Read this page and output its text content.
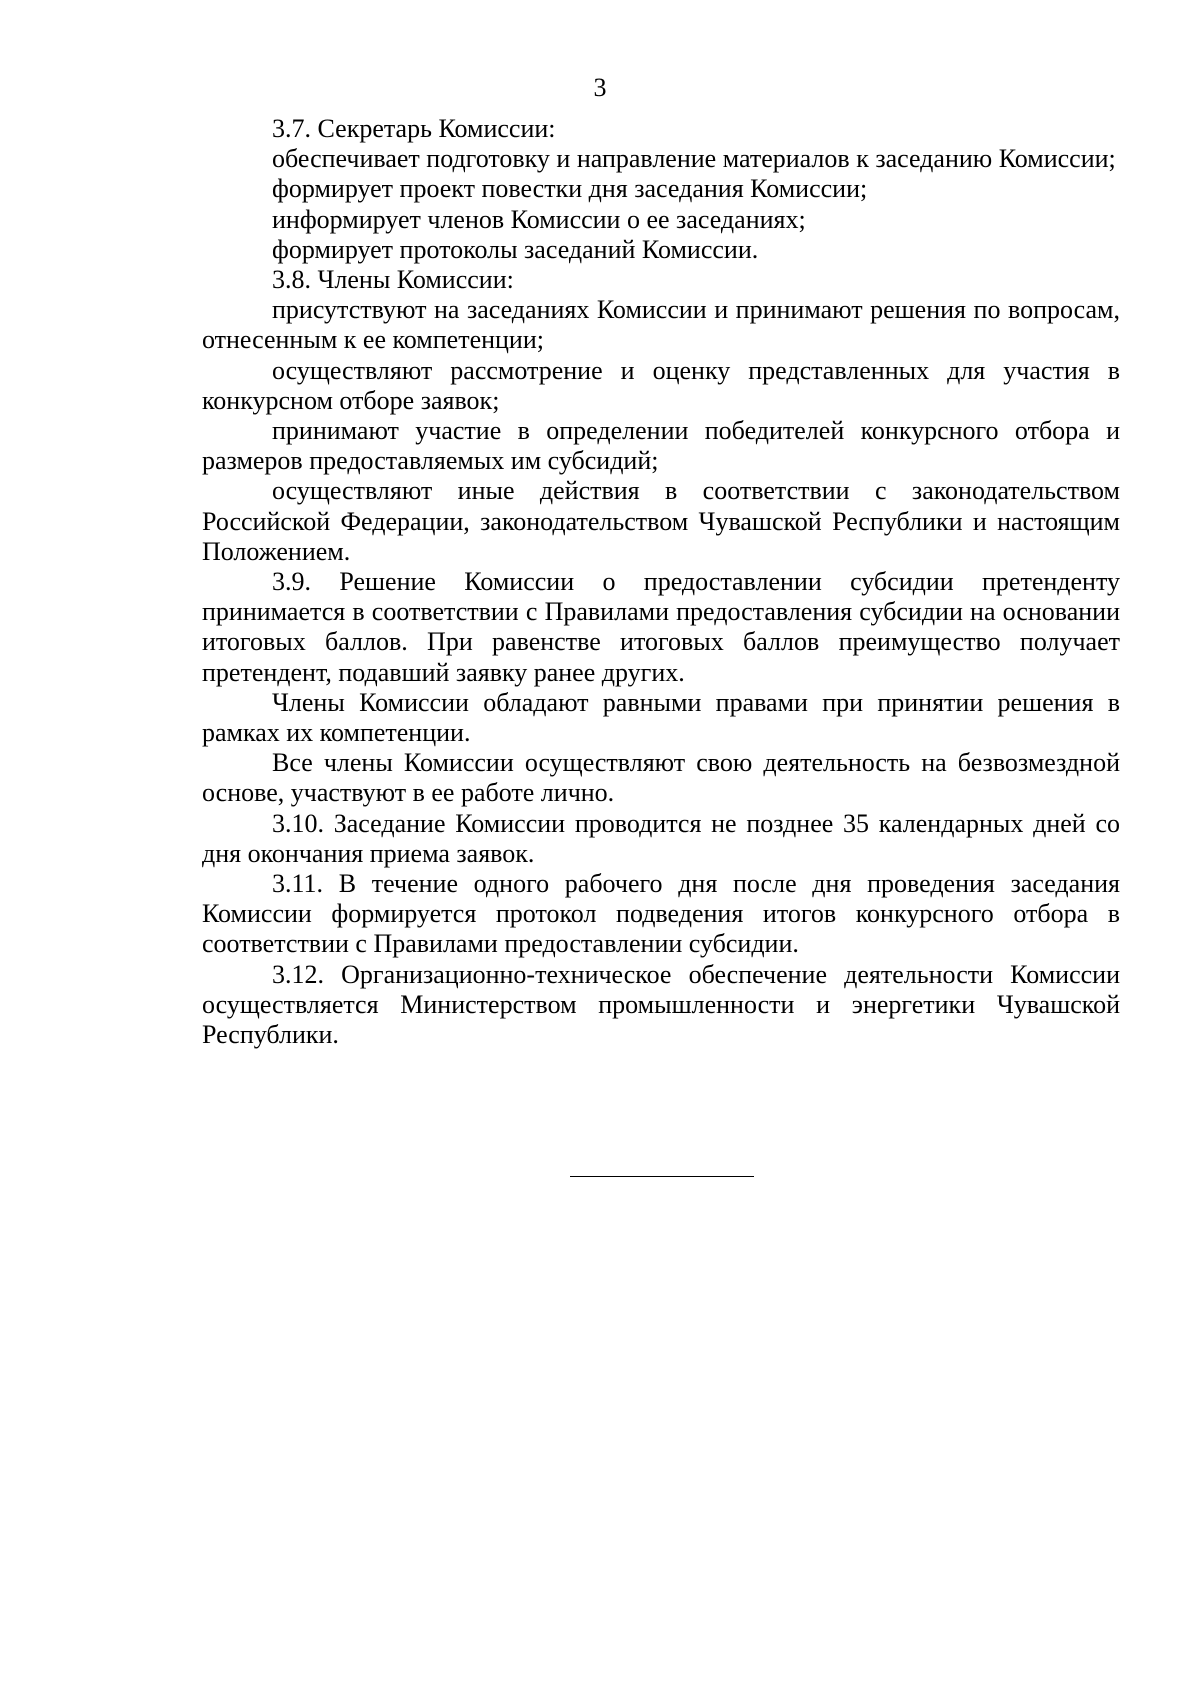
3

3.7. Секретарь Комиссии:

обеспечивает подготовку и направление материалов к заседанию Комиссии;

формирует проект повестки дня заседания Комиссии;

информирует членов Комиссии о ее заседаниях;

формирует протоколы заседаний Комиссии.

3.8. Члены Комиссии:

присутствуют на заседаниях Комиссии и принимают решения по вопросам, отнесенным к ее компетенции;

осуществляют рассмотрение и оценку представленных для участия в конкурсном отборе заявок;

принимают участие в определении победителей конкурсного отбора и размеров предоставляемых им субсидий;

осуществляют иные действия в соответствии с законодательством Российской Федерации, законодательством Чувашской Республики и настоящим Положением.

3.9. Решение Комиссии о предоставлении субсидии претенденту принимается в соответствии с Правилами предоставления субсидии на основании итоговых баллов. При равенстве итоговых баллов преимущество получает претендент, подавший заявку ранее других.

Члены Комиссии обладают равными правами при принятии решения в рамках их компетенции.

Все члены Комиссии осуществляют свою деятельность на безвозмездной основе, участвуют в ее работе лично.

3.10. Заседание Комиссии проводится не позднее 35 календарных дней со дня окончания приема заявок.

3.11. В течение одного рабочего дня после дня проведения заседания Комиссии формируется протокол подведения итогов конкурсного отбора в соответствии с Правилами предоставлении субсидии.

3.12. Организационно-техническое обеспечение деятельности Комиссии осуществляется Министерством промышленности и энергетики Чувашской Республики.
